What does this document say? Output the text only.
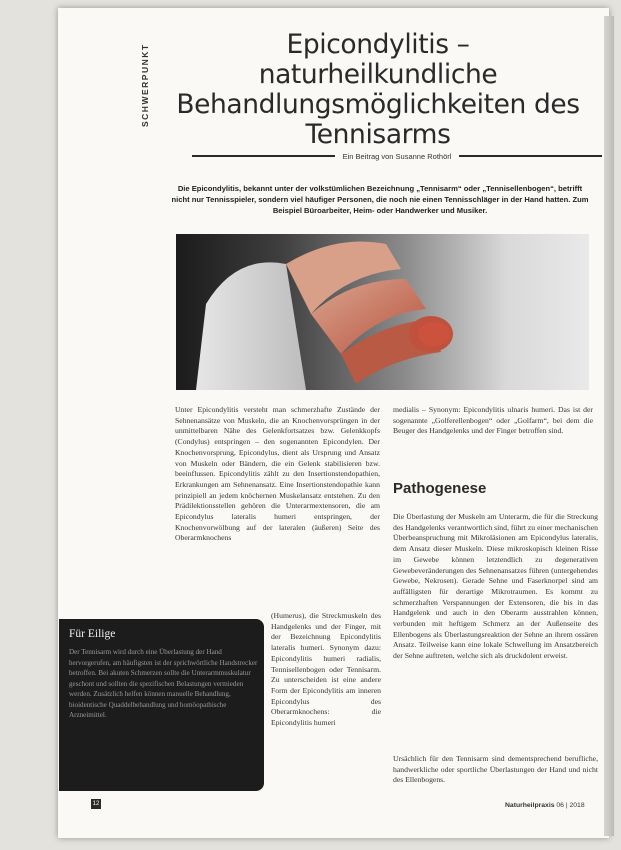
SCHWERPUNKT	Epicondylitis – naturheilkundliche Behandlungsmöglichkeiten des Tennisarms
Ein Beitrag von Susanne Rothörl
Die Epicondylitis, bekannt unter der volkstümlichen Bezeichnung „Tennisarm“ oder „Tennisellenbogen“, betrifft nicht nur Tennisspieler, sondern viel häufiger Personen, die noch nie einen Tennisschläger in der Hand hatten. Zum Beispiel Büroarbeiter, Heim- oder Handwerker und Musiker.

Unter Epicondylitis versteht man schmerzhafte Zustände der Sehnenansätze von Muskeln, die an Knochenvorsprüngen in der unmittelbaren Nähe des Gelenkfortsatzes bzw. Gelenkkopfs (Condylus) entspringen – den sogenannten Epicondylen. Der Knochenvorsprung, Epicondylus, dient als Ursprung und Ansatz von Muskeln oder Bändern, die ein Gelenk stabilisieren bzw. beeinflussen. Epicondylitis zählt zu den Insertionstendopathien, Erkrankungen am Sehnenansatz. Eine Insertionstendopathie kann prinzipiell an jedem knöchernen Muskelansatz entstehen. Zu den Prädilektionsstellen gehören die Unterarmextensoren, die am Epicondylus lateralis humeri entspringen, der Knochenvorwölbung auf der lateralen (äußeren) Seite des Oberarmknochens

Für Eilige
Der Tennisarm wird durch eine Überlastung der Hand hervorgerufen, am häufigsten ist der sprichwörtliche Handstrecker betroffen. Bei akuten Schmerzen sollte die Unterarmmuskulatur geschont und sollten die spezifischen Belastungen vermieden werden. Zusätzlich helfen können manuelle Behandlung, bioidentische Quaddelbehandlung und homöopathische Arzneimittel.

(Humerus), die Streckmuskeln des Handgelenks und der Finger, mit der Bezeichnung Epicondylitis lateralis humeri. Synonym dazu: Epicondylitis humeri radialis, Tennisellenbogen oder Tennisarm. Zu unterscheiden ist eine andere Form der Epicondylitis am inneren Epicondylus des Oberarmknochens: die Epicondylitis humeri

medialis – Synonym: Epicondylitis ulnaris humeri. Das ist der sogenannte „Golferellenbogen“ oder „Golfarm“, bei dem die Beuger des Handgelenks und der Finger betroffen sind.

Pathogenese

Die Überlastung der Muskeln am Unterarm, die für die Streckung des Handgelenks verantwortlich sind, führt zu einer mechanischen Überbeanspruchung mit Mikroläsionen am Epicondylus lateralis, dem Ansatz dieser Muskeln. Diese mikroskopisch kleinen Risse im Gewebe können letztendlich zu degenerativen Gewebeveränderungen des Sehnenansatzes führen (untergehendes Gewebe, Nekrosen). Gerade Sehne und Faserknorpel sind am auffälligsten für derartige Mikrotraumen. Es kommt zu schmerzhaften Verspannungen der Extensoren, die bis in das Handgelenk und auch in den Oberarm ausstrahlen können, verbunden mit heftigem Schmerz an der Außenseite des Ellenbogens als Überlastungsreaktion der Sehne an ihrem ossären Ansatz. Teilweise kann eine lokale Schwellung im Ansatzbereich der Sehne auftreten, welche sich als druckdolent erweist.

Ursächlich für den Tennisarm sind dementsprechend berufliche, handwerkliche oder sportliche Überlastungen der Hand und nicht des Ellenbogens.

12	Naturheilpraxis 06 | 2018
